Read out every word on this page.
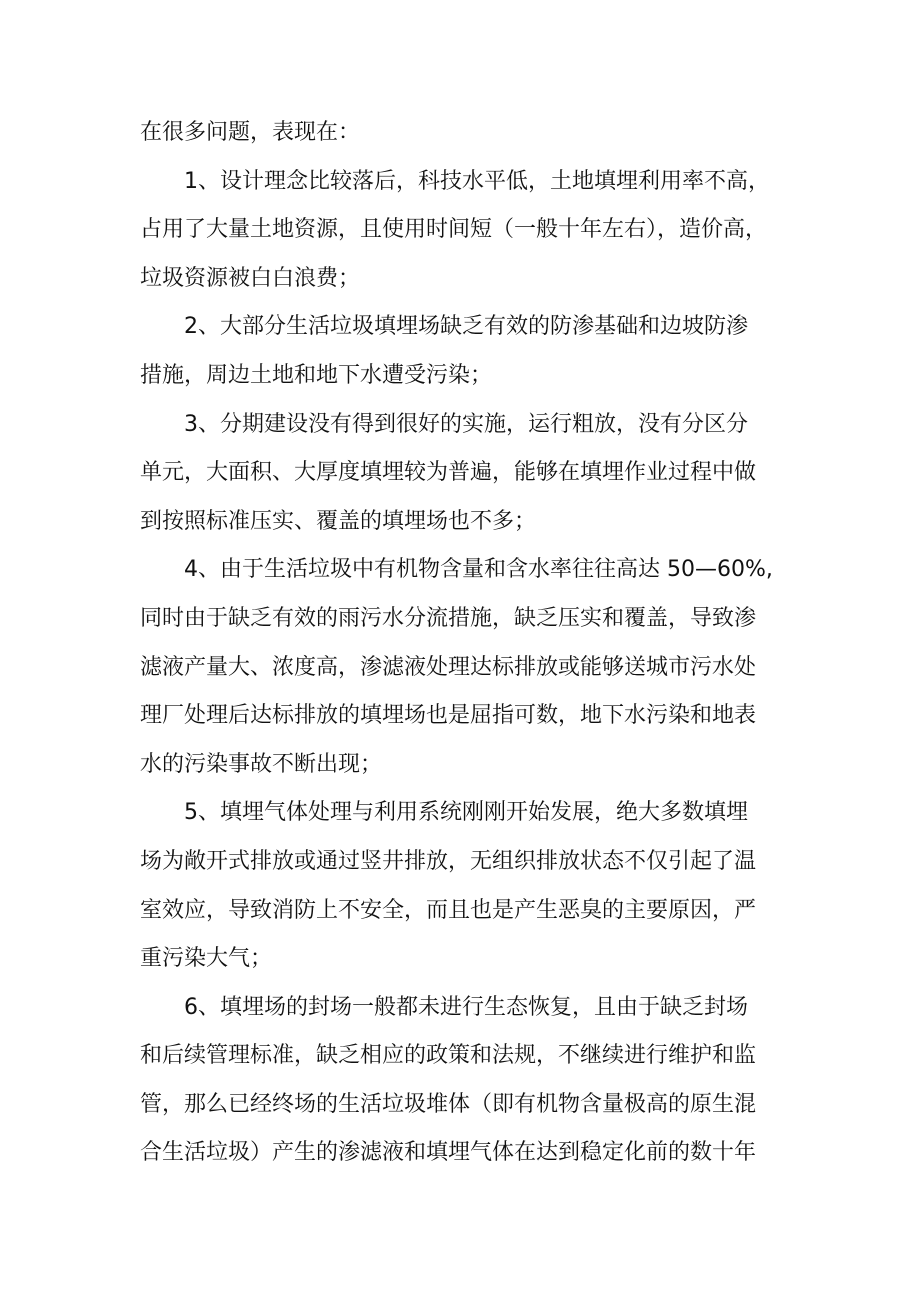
在很多问题，表现在：

1、设计理念比较落后，科技水平低，土地填埋利用率不高，
占用了大量土地资源，且使用时间短（一般十年左右），造价高，
垃圾资源被白白浪费；

2、大部分生活垃圾填埋场缺乏有效的防渗基础和边坡防渗
措施，周边土地和地下水遭受污染；

3、分期建设没有得到很好的实施，运行粗放，没有分区分
单元，大面积、大厚度填埋较为普遍，能够在填埋作业过程中做
到按照标准压实、覆盖的填埋场也不多；

4、由于生活垃圾中有机物含量和含水率往往高达 50—60%,
同时由于缺乏有效的雨污水分流措施，缺乏压实和覆盖，导致渗
滤液产量大、浓度高，渗滤液处理达标排放或能够送城市污水处
理厂处理后达标排放的填埋场也是屈指可数，地下水污染和地表
水的污染事故不断出现；

5、填埋气体处理与利用系统刚刚开始发展，绝大多数填埋
场为敞开式排放或通过竖井排放，无组织排放状态不仅引起了温
室效应，导致消防上不安全，而且也是产生恶臭的主要原因，严
重污染大气；

6、填埋场的封场一般都未进行生态恢复，且由于缺乏封场
和后续管理标准，缺乏相应的政策和法规，不继续进行维护和监
管，那么已经终场的生活垃圾堆体（即有机物含量极高的原生混
合生活垃圾）产生的渗滤液和填埋气体在达到稳定化前的数十年
